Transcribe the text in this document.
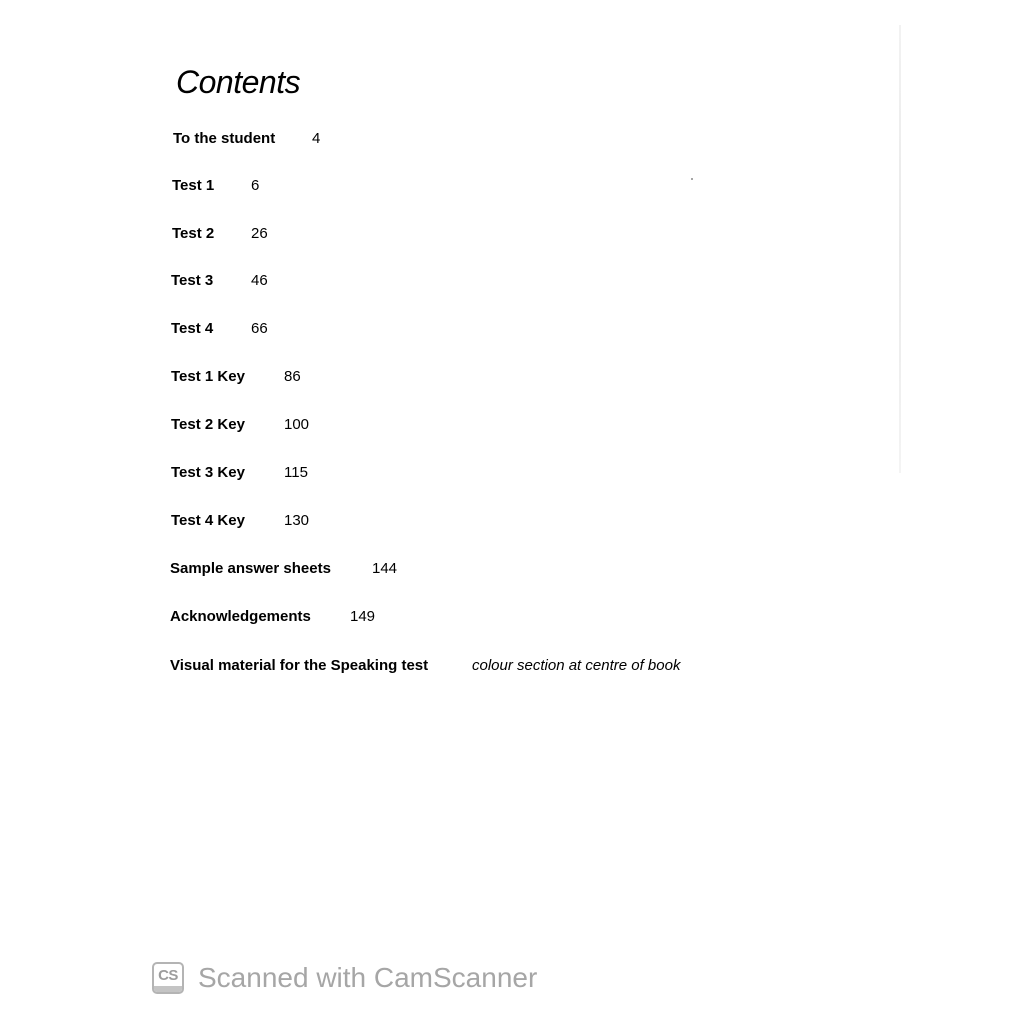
Contents
To the student 4
Test 1 6
Test 2 26
Test 3	46
Test 4	66
Test 1 Key	86
Test 2 Key	100
Test 3 Key	115
Test 4 Key	130
Sample answer sheets	144
Acknowledgements	149
Visual material for the Speaking test	colour section at centre of book
CS Scanned with CamScanner
